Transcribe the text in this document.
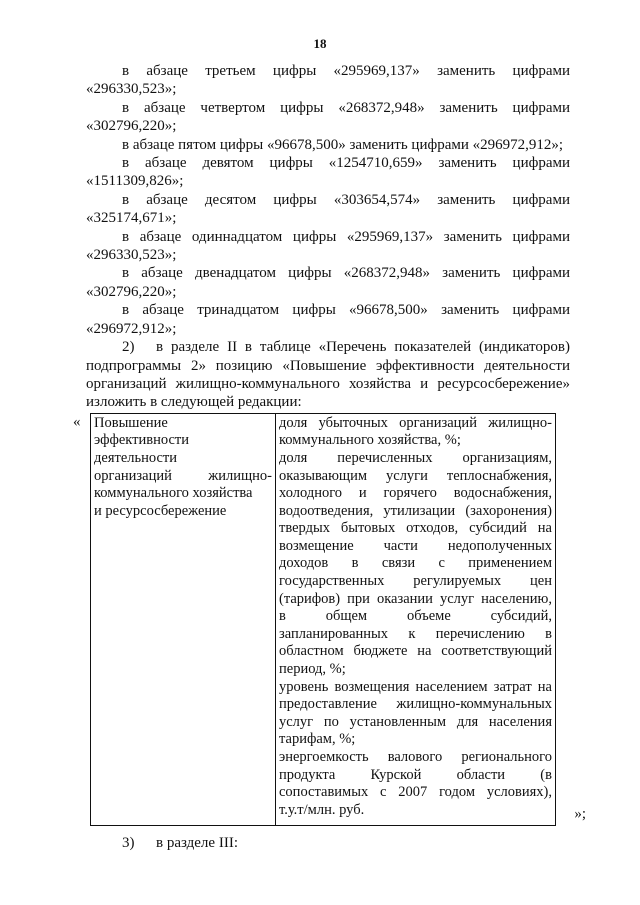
18

в абзаце третьем цифры «295969,137» заменить цифрами

«296330,523»;

в абзаце четвертом цифры «268372,948» заменить цифрами

«302796,220»;

в абзаце пятом цифры «96678,500» заменить цифрами «296972,912»;

в абзаце девятом цифры «1254710,659» заменить цифрами

«1511309,826»;

в абзаце десятом цифры «303654,574» заменить цифрами

«325174,671»;

в абзаце одиннадцатом цифры «295969,137» заменить цифрами

«296330,523»;

в абзаце двенадцатом цифры «268372,948» заменить цифрами

«302796,220»;

в абзаце тринадцатом цифры «96678,500» заменить цифрами

«296972,912»;

2) в разделе II в таблице «Перечень показателей (индикаторов)

подпрограммы 2» позицию «Повышение эффективности деятельности

организаций жилищно-коммунального хозяйства и ресурсосбережение»

изложить в следующей редакции:

« Повышение
эффективности
деятельности
организаций жилищно-
коммунального хозяйства
и ресурсосбережение

доля убыточных организаций жилищно-
коммунального хозяйства, %;
доля перечисленных организациям,
оказывающим услуги теплоснабжения,
холодного и горячего водоснабжения,
водоотведения, утилизации (захоронения)
твердых бытовых отходов, субсидий на
возмещение части недополученных
доходов в связи с применением
государственных регулируемых цен
(тарифов) при оказании услуг населению,
в общем объеме субсидий,
запланированных к перечислению в
областном бюджете на соответствующий
период, %;
уровень возмещения населением затрат на
предоставление жилищно-коммунальных
услуг по установленным для населения
тарифам, %;
энергоемкость валового регионального
продукта Курской области (в
сопоставимых с 2007 годом условиях),
т.у.т/млн. руб.	»;

3) в разделе III:
